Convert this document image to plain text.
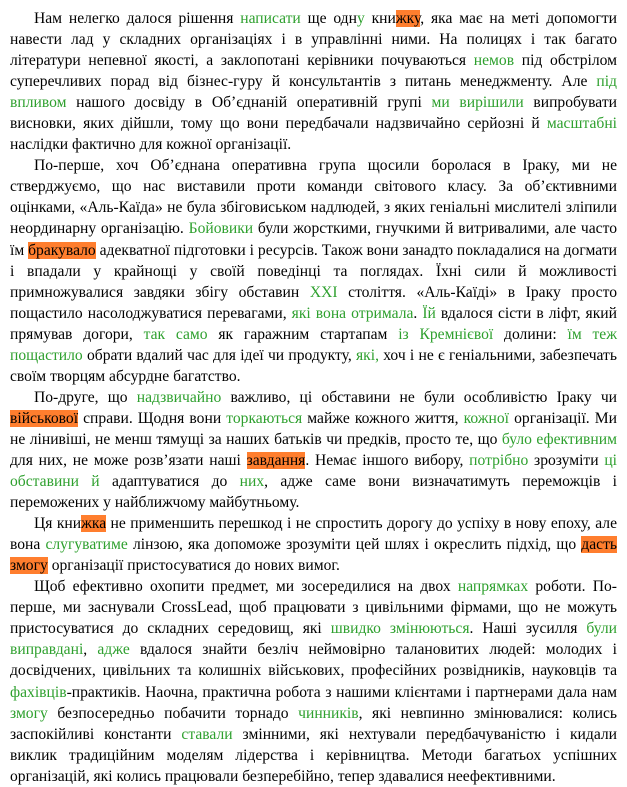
Нам нелегко далося рішення написати ще одну книжку, яка має на меті допомогти навести лад у складних організаціях і в управлінні ними. На полицях і так багато літератури непевної якості, а заклопотані керівники почуваються немов під обстрілом суперечливих порад від бізнес-гуру й консультантів з питань менеджменту. Але під впливом нашого досвіду в Об’єднаній оперативній групі ми вирішили випробувати висновки, яких дійшли, тому що вони передбачали надзвичайно серйозні й масштабні наслідки фактично для кожної організації.

По-перше, хоч Об’єднана оперативна група щосили боролася в Іраку, ми не стверджуємо, що нас виставили проти команди світового класу. За об’єктивними оцінками, «Аль-Каїда» не була збіговиськом надлюдей, з яких геніальні мислителі зліпили неординарну організацію. Бойовики були жорсткими, гнучкими й витривалими, але часто їм бракувало адекватної підготовки і ресурсів. Також вони занадто покладалися на догмати і впадали у крайнощі у своїй поведінці та поглядах. Їхні сили й можливості примножувалися завдяки збігу обставин XXI століття. «Аль-Каїді» в Іраку просто пощастило насолоджуватися перевагами, які вона отримала. Їй вдалося сісти в ліфт, який прямував догори, так само як гаражним стартапам із Кремнієвої долини: їм теж пощастило обрати вдалий час для ідеї чи продукту, які, хоч і не є геніальними, забезпечать своїм творцям абсурдне багатство.

По-друге, що надзвичайно важливо, ці обставини не були особливістю Іраку чи військової справи. Щодня вони торкаються майже кожного життя, кожної організації. Ми не лінивіші, не менш тямущі за наших батьків чи предків, просто те, що було ефективним для них, не може розв’язати наші завдання. Немає іншого вибору, потрібно зрозуміти ці обставини й адаптуватися до них, адже саме вони визначатимуть переможців і переможених у найближчому майбутньому.

Ця книжка не применшить перешкод і не спростить дорогу до успіху в нову епоху, але вона слугуватиме лінзою, яка допоможе зрозуміти цей шлях і окреслить підхід, що дасть змогу організації пристосуватися до нових вимог.

Щоб ефективно охопити предмет, ми зосередилися на двох напрямках роботи. По-перше, ми заснували CrossLead, щоб працювати з цивільними фірмами, що не можуть пристосуватися до складних середовищ, які швидко змінюються. Наші зусилля були виправдані, адже вдалося знайти безліч неймовірно талановитих людей: молодих і досвідчених, цивільних та колишніх військових, професійних розвідників, науковців та фахівців-практиків. Наочна, практична робота з нашими клієнтами і партнерами дала нам змогу безпосередньо побачити торнадо чинників, які невпинно змінювалися: колись заспокійливі константи ставали змінними, які нехтували передбачуваністю і кидали виклик традиційним моделям лідерства і керівництва. Методи багатьох успішних організацій, які колись працювали безперебійно, тепер здавалися неефективними.
